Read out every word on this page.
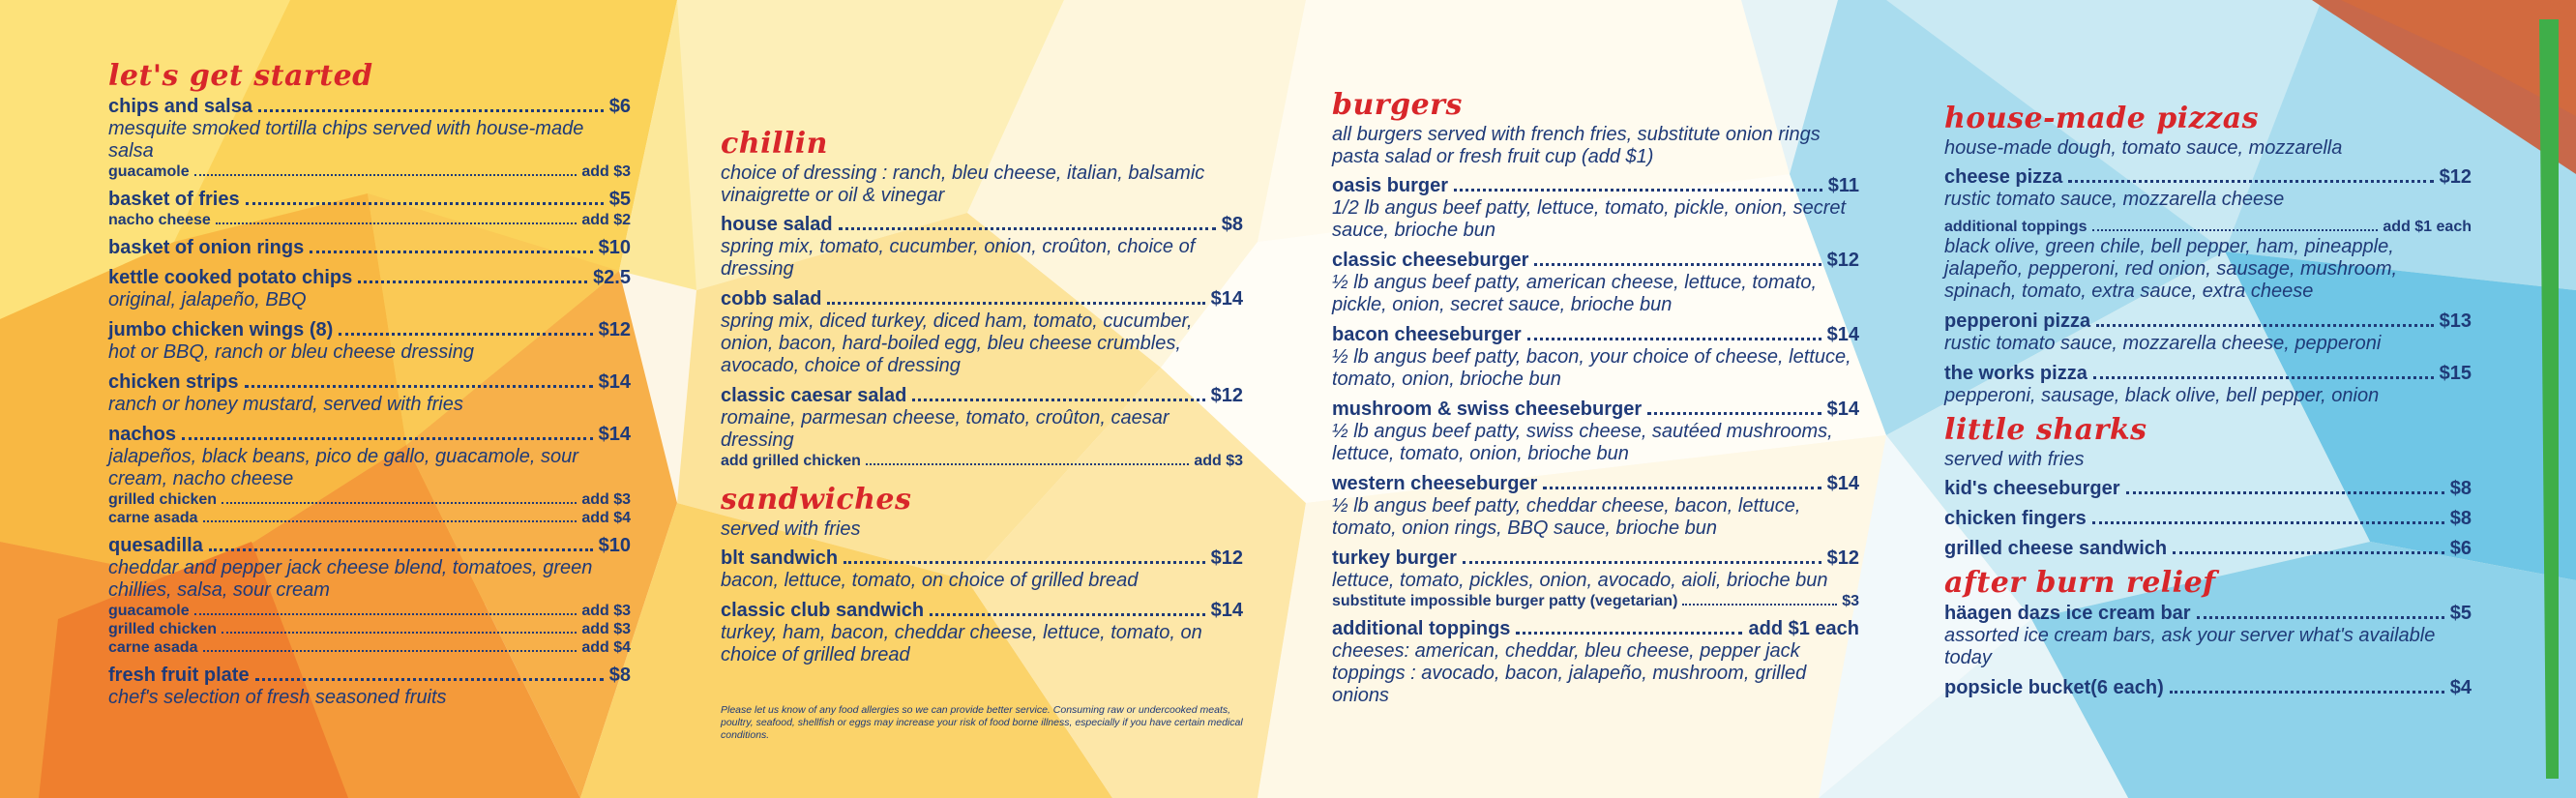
let's get started
chips and salsa	$6
mesquite smoked tortilla chips served with house-made salsa
guacamole	add $3
basket of fries	$5
nacho cheese	add $2
basket of onion rings	$10
kettle cooked potato chips	$2.5
original, jalapeño, BBQ
jumbo chicken wings (8)	$12
hot or BBQ, ranch or bleu cheese dressing
chicken strips	$14
ranch or honey mustard, served with fries
nachos	$14
jalapeños, black beans, pico de gallo, guacamole, sour cream, nacho cheese
grilled chicken	add $3
carne asada	add $4
quesadilla	$10
cheddar and pepper jack cheese blend, tomatoes, green chillies, salsa, sour cream
guacamole	add $3
grilled chicken	add $3
carne asada	add $4
fresh fruit plate	$8
chef's selection of fresh seasoned fruits
chillin
choice of dressing : ranch, bleu cheese, italian, balsamic vinaigrette or oil & vinegar
house salad	$8
spring mix, tomato, cucumber, onion, croûton, choice of dressing
cobb salad	$14
spring mix, diced turkey, diced ham, tomato, cucumber, onion, bacon, hard-boiled egg, bleu cheese crumbles, avocado, choice of dressing
classic caesar salad	$12
romaine, parmesan cheese, tomato, croûton, caesar dressing
add grilled chicken	add $3
sandwiches
served with fries
blt sandwich	$12
bacon, lettuce, tomato, on choice of grilled bread
classic club sandwich	$14
turkey, ham, bacon, cheddar cheese, lettuce, tomato, on choice of grilled bread
Please let us know of any food allergies so we can provide better service. Consuming raw or undercooked meats, poultry, seafood, shellfish or eggs may increase your risk of food borne illness, especially if you have certain medical conditions.
burgers
all burgers served with french fries, substitute onion rings pasta salad or fresh fruit cup (add $1)
oasis burger	$11
1/2 lb angus beef patty, lettuce, tomato, pickle, onion, secret sauce, brioche bun
classic cheeseburger	$12
½ lb angus beef patty, american cheese, lettuce, tomato, pickle, onion, secret sauce, brioche bun
bacon cheeseburger	$14
½ lb angus beef patty, bacon, your choice of cheese, lettuce, tomato, onion, brioche bun
mushroom & swiss cheeseburger	$14
½ lb angus beef patty, swiss cheese, sautéed mushrooms, lettuce, tomato, onion, brioche bun
western cheeseburger	$14
½ lb angus beef patty, cheddar cheese, bacon, lettuce, tomato, onion rings, BBQ sauce, brioche bun
turkey burger	$12
lettuce, tomato, pickles, onion, avocado, aioli, brioche bun
substitute impossible burger patty (vegetarian)	$3
additional toppings	add $1 each
cheeses: american, cheddar, bleu cheese, pepper jack toppings : avocado, bacon, jalapeño, mushroom, grilled onions
house-made pizzas
house-made dough, tomato sauce, mozzarella
cheese pizza	$12
rustic tomato sauce, mozzarella cheese
additional toppings	add $1 each
black olive, green chile, bell pepper, ham, pineapple, jalapeño, pepperoni, red onion, sausage, mushroom, spinach, tomato, extra sauce, extra cheese
pepperoni pizza	$13
rustic tomato sauce, mozzarella cheese, pepperoni
the works pizza	$15
pepperoni, sausage, black olive, bell pepper, onion
little sharks
served with fries
kid's cheeseburger	$8
chicken fingers	$8
grilled cheese sandwich	$6
after burn relief
häagen dazs ice cream bar	$5
assorted ice cream bars, ask your server what's available today
popsicle bucket(6 each)	$4
